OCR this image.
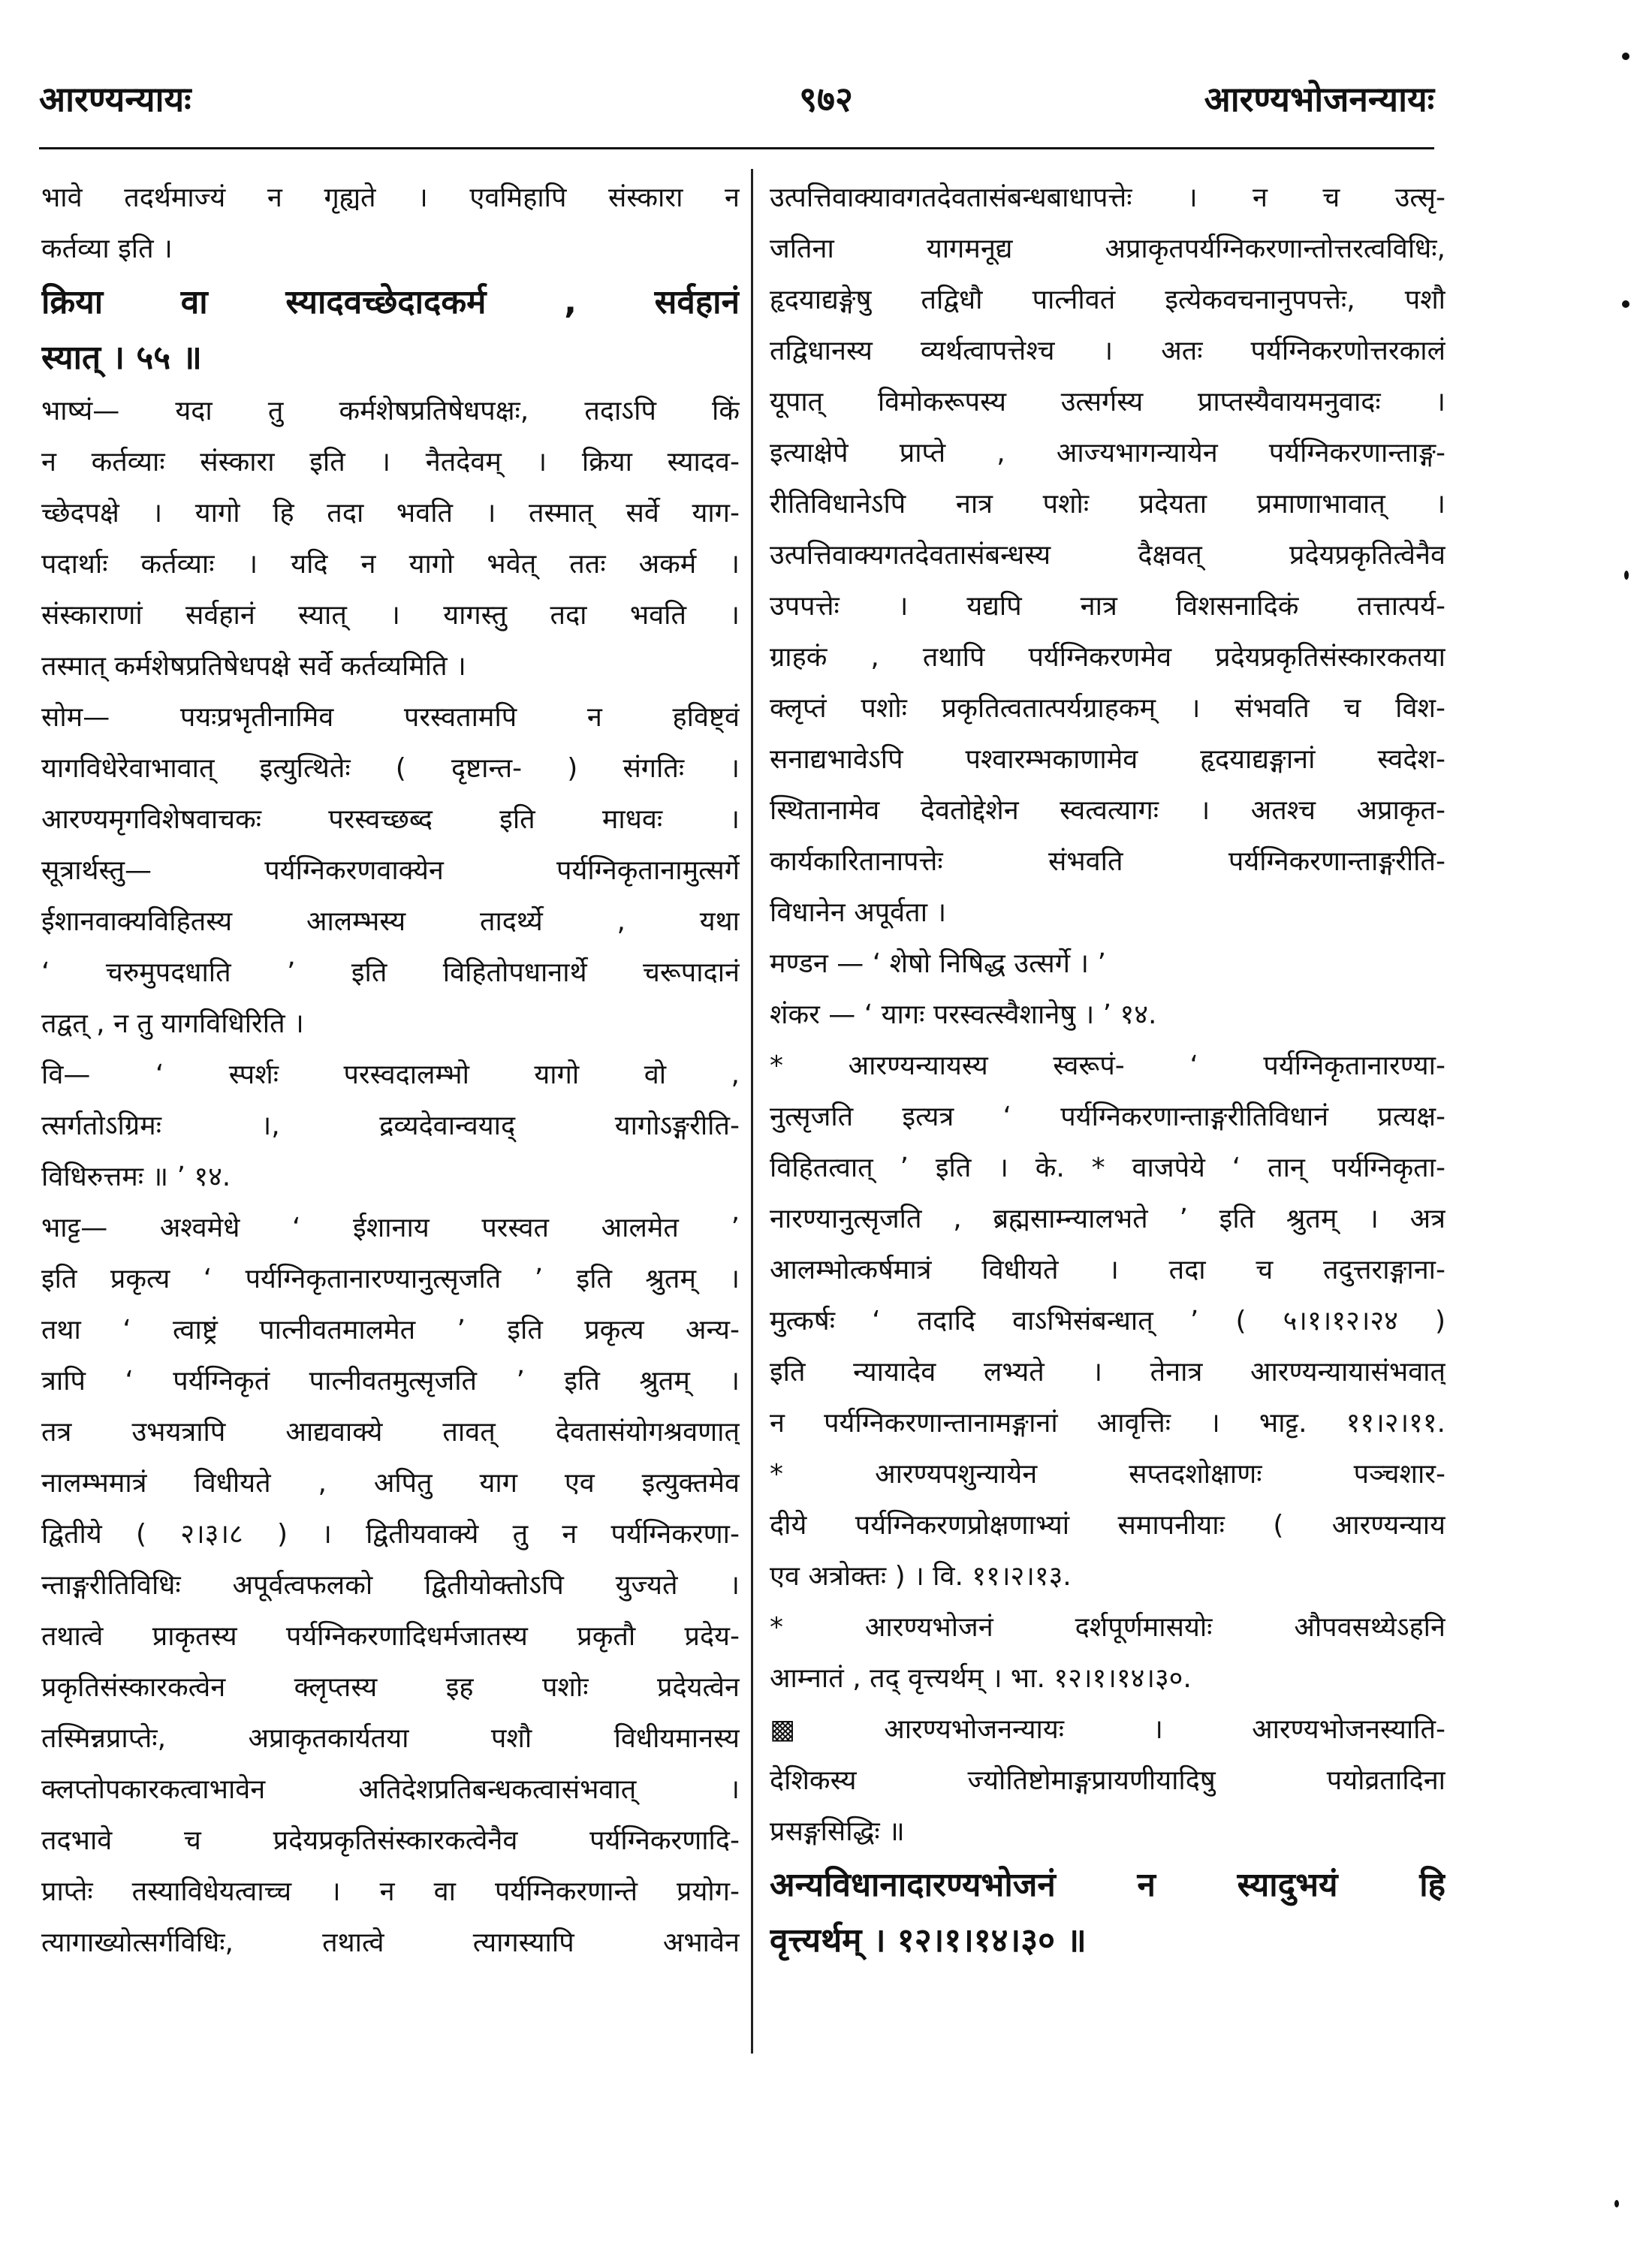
आरण्यन्यायः	९७२	आरण्यभोजनन्यायः
भावे तदर्थमाज्यं न गृह्यते । एवमिहापि संस्कारा न
कर्तव्या इति ।
क्रिया वा स्यादवच्छेदादकर्म , सर्वहानं
स्यात् । ५५ ॥
भाष्यं— यदा तु कर्मशेषप्रतिषेधपक्षः, तदाऽपि किं
न कर्तव्याः संस्कारा इति । नैतदेवम् । क्रिया स्यादव-
च्छेदपक्षे । यागो हि तदा भवति । तस्मात् सर्वे याग-
पदार्थाः कर्तव्याः । यदि न यागो भवेत् ततः अकर्म ।
संस्काराणां सर्वहानं स्यात् । यागस्तु तदा भवति ।
तस्मात् कर्मशेषप्रतिषेधपक्षे सर्वे कर्तव्यमिति ।
सोम— पयःप्रभृतीनामिव परस्वतामपि न हविष्ट्वं
यागविधेरेवाभावात् इत्युत्थितेः ( दृष्टान्त- ) संगतिः ।
आरण्यमृगविशेषवाचकः परस्वच्छब्द इति माधवः ।
सूत्रार्थस्तु— पर्यग्निकरणवाक्येन पर्यग्निकृतानामुत्सर्गे
ईशानवाक्यविहितस्य आलम्भस्य तादर्थ्ये , यथा
‘ चरुमुपदधाति ’ इति विहितोपधानार्थे चरूपादानं
तद्वत् , न तु यागविधिरिति ।
वि— ‘ स्पर्शः परस्वदालम्भो यागो वो ,
त्सर्गतोऽग्रिमः ।, द्रव्यदेवान्वयाद् यागोऽङ्गरीति-
विधिरुत्तमः ॥ ’ १४.
भाट्ट— अश्वमेधे ‘ ईशानाय परस्वत आलमेत ’
इति प्रकृत्य ‘ पर्यग्निकृतानारण्यानुत्सृजति ’ इति श्रुतम् ।
तथा ‘ त्वाष्ट्रं पात्नीवतमालमेत ’ इति प्रकृत्य अन्य-
त्रापि ‘ पर्यग्निकृतं पात्नीवतमुत्सृजति ’ इति श्रुतम् ।
तत्र उभयत्रापि आद्यवाक्ये तावत् देवतासंयोगश्रवणात्
नालम्भमात्रं विधीयते , अपितु याग एव इत्युक्तमेव
द्वितीये ( २।३।८ ) । द्वितीयवाक्ये तु न पर्यग्निकरणा-
न्ताङ्गरीतिविधिः अपूर्वत्वफलको द्वितीयोक्तोऽपि युज्यते ।
तथात्वे प्राकृतस्य पर्यग्निकरणादिधर्मजातस्य प्रकृतौ प्रदेय-
प्रकृतिसंस्कारकत्वेन क्लृप्तस्य इह पशोः प्रदेयत्वेन
तस्मिन्नप्राप्तेः, अप्राकृतकार्यतया पशौ विधीयमानस्य
क्लप्तोपकारकत्वाभावेन अतिदेशप्रतिबन्धकत्वासंभवात् ।
तदभावे च प्रदेयप्रकृतिसंस्कारकत्वेनैव पर्यग्निकरणादि-
प्राप्तेः तस्याविधेयत्वाच्च । न वा पर्यग्निकरणान्ते प्रयोग-
त्यागाख्योत्सर्गविधिः, तथात्वे त्यागस्यापि अभावेन
उत्पत्तिवाक्यावगतदेवतासंबन्धबाधापत्तेः । न च उत्सृ-
जतिना यागमनूद्य अप्राकृतपर्यग्निकरणान्तोत्तरत्वविधिः,
हृदयाद्यङ्गेषु तद्विधौ पात्नीवतं इत्येकवचनानुपपत्तेः, पशौ
तद्विधानस्य व्यर्थत्वापत्तेश्च । अतः पर्यग्निकरणोत्तरकालं
यूपात् विमोकरूपस्य उत्सर्गस्य प्राप्तस्यैवायमनुवादः ।
इत्याक्षेपे प्राप्ते , आज्यभागन्यायेन पर्यग्निकरणान्ताङ्ग-
रीतिविधानेऽपि नात्र पशोः प्रदेयता प्रमाणाभावात् ।
उत्पत्तिवाक्यगतदेवतासंबन्धस्य दैक्षवत् प्रदेयप्रकृतित्वेनैव
उपपत्तेः । यद्यपि नात्र विशसनादिकं तत्तात्पर्य-
ग्राहकं , तथापि पर्यग्निकरणमेव प्रदेयप्रकृतिसंस्कारकतया
क्लृप्तं पशोः प्रकृतित्वतात्पर्यग्राहकम् । संभवति च विश-
सनाद्यभावेऽपि पश्वारम्भकाणामेव हृदयाद्यङ्गानां स्वदेश-
स्थितानामेव देवतोद्देशेन स्वत्वत्यागः । अतश्च अप्राकृत-
कार्यकारितानापत्तेः संभवति पर्यग्निकरणान्ताङ्गरीति-
विधानेन अपूर्वता ।
मण्डन — ‘ शेषो निषिद्ध उत्सर्गे । ’
शंकर — ‘ यागः परस्वत्स्वैशानेषु । ’ १४.
* आरण्यन्यायस्य स्वरूपं- ‘ पर्यग्निकृतानारण्या-
नुत्सृजति इत्यत्र ‘ पर्यग्निकरणान्ताङ्गरीतिविधानं प्रत्यक्ष-
विहितत्वात् ’ इति । के. * वाजपेये ‘ तान् पर्यग्निकृता-
नारण्यानुत्सृजति , ब्रह्मसाम्न्यालभते ’ इति श्रुतम् । अत्र
आलम्भोत्कर्षमात्रं विधीयते । तदा च तदुत्तराङ्गाना-
मुत्कर्षः ‘ तदादि वाऽभिसंबन्धात् ’ ( ५।१।१२।२४ )
इति न्यायादेव लभ्यते । तेनात्र आरण्यन्यायासंभवात्
न पर्यग्निकरणान्तानामङ्गानां आवृत्तिः । भाट्ट. ११।२।११.
* आरण्यपशुन्यायेन सप्तदशोक्षाणः पञ्चशार-
दीये पर्यग्निकरणप्रोक्षणाभ्यां समापनीयाः ( आरण्यन्याय
एव अत्रोक्तः ) । वि. ११।२।१३.
* आरण्यभोजनं दर्शपूर्णमासयोः औपवसथ्येऽहनि
आम्नातं , तद् वृत्त्यर्थम् । भा. १२।१।१४।३०.
▩ आरण्यभोजनन्यायः । आरण्यभोजनस्याति-
देशिकस्य ज्योतिष्टोमाङ्गप्रायणीयादिषु पयोव्रतादिना
प्रसङ्गसिद्धिः ॥
अन्यविधानादारण्यभोजनं न स्यादुभयं हि
वृत्त्यर्थम् । १२।१।१४।३० ॥
